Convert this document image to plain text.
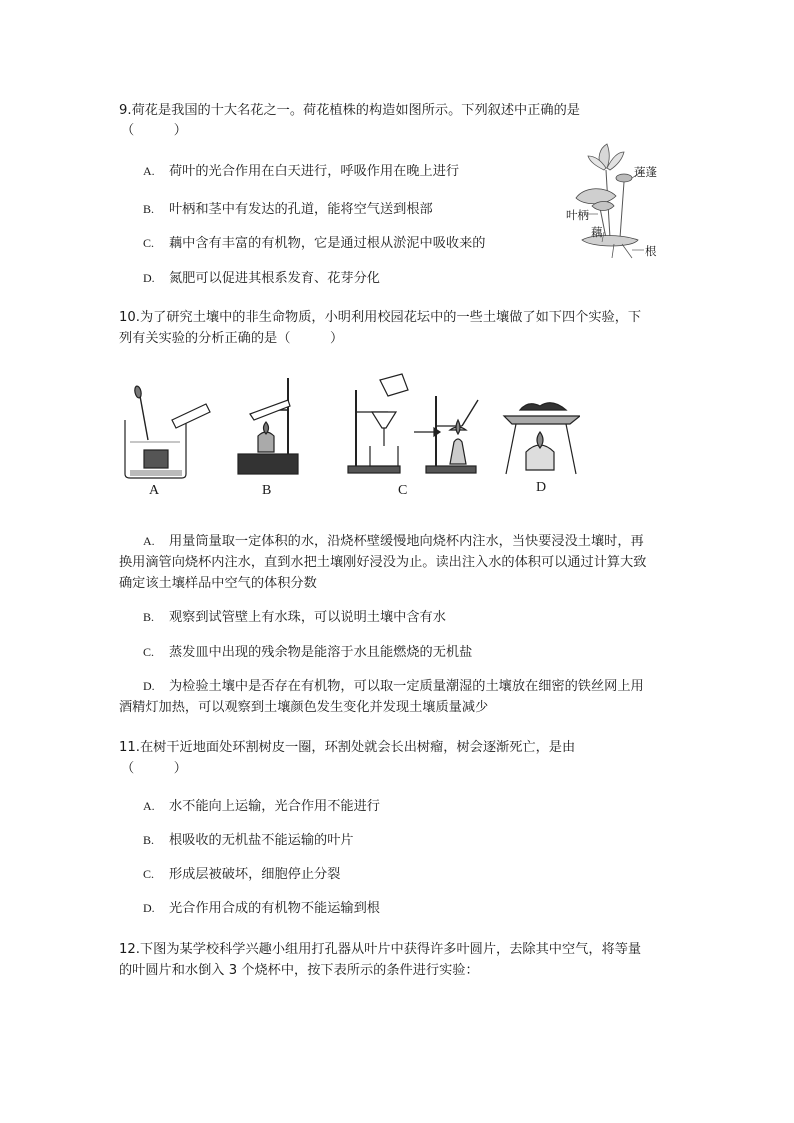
9.荷花是我国的十大名花之一。荷花植株的构造如图所示。下列叙述中正确的是
（　　　）
A. 荷叶的光合作用在白天进行，呼吸作用在晚上进行
B. 叶柄和茎中有发达的孔道，能将空气送到根部
C. 藕中含有丰富的有机物，它是通过根从淤泥中吸收来的
D. 氮肥可以促进其根系发育、花芽分化
莲蓬
叶柄
藕
根
10.为了研究土壤中的非生命物质，小明利用校园花坛中的一些土壤做了如下四个实验，下
列有关实验的分析正确的是（　　　）
A	B	C	D
A. 用量筒量取一定体积的水，沿烧杯壁缓慢地向烧杯内注水，当快要浸没土壤时，再
换用滴管向烧杯内注水，直到水把土壤刚好浸没为止。读出注入水的体积可以通过计算大致
确定该土壤样品中空气的体积分数
B. 观察到试管壁上有水珠，可以说明土壤中含有水
C. 蒸发皿中出现的残余物是能溶于水且能燃烧的无机盐
D. 为检验土壤中是否存在有机物，可以取一定质量潮湿的土壤放在细密的铁丝网上用
酒精灯加热，可以观察到土壤颜色发生变化并发现土壤质量减少
11.在树干近地面处环割树皮一圈，环割处就会长出树瘤，树会逐渐死亡，是由
（　　　）
A. 水不能向上运输，光合作用不能进行
B. 根吸收的无机盐不能运输的叶片
C. 形成层被破坏，细胞停止分裂
D. 光合作用合成的有机物不能运输到根
12.下图为某学校科学兴趣小组用打孔器从叶片中获得许多叶圆片，去除其中空气，将等量
的叶圆片和水倒入 3 个烧杯中，按下表所示的条件进行实验：
